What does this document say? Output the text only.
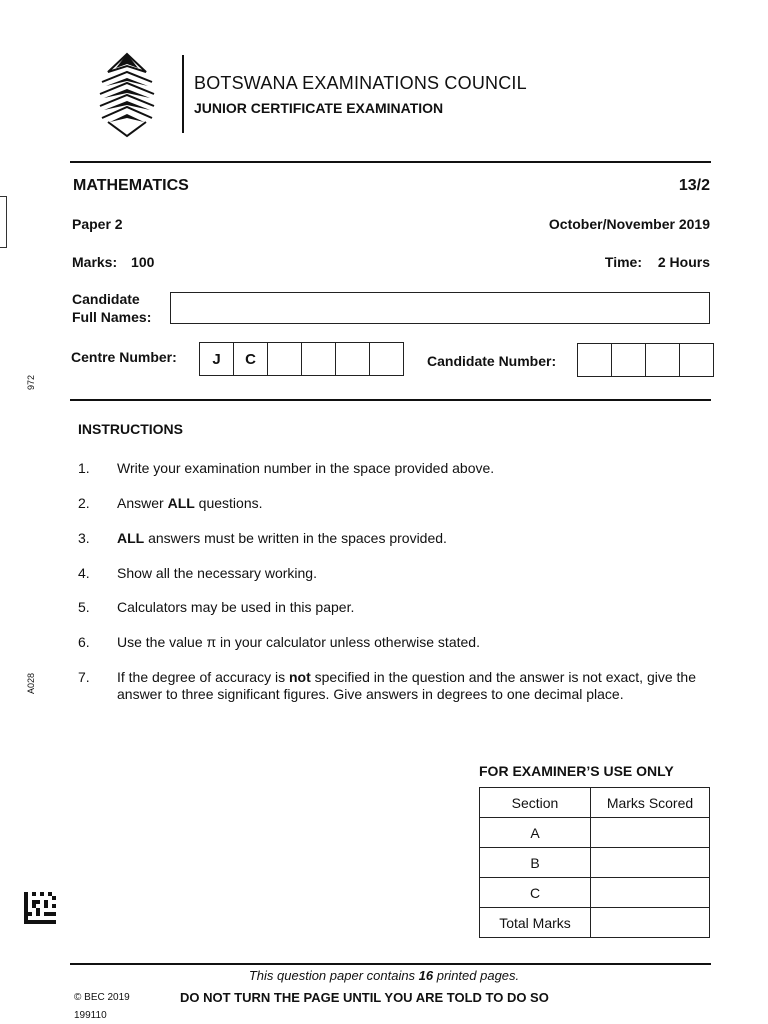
BOTSWANA EXAMINATIONS COUNCIL
JUNIOR CERTIFICATE EXAMINATION
MATHEMATICS	13/2
Paper 2	October/November 2019
Marks: 100	Time: 2 Hours
Candidate
Full Names:
Centre Number:	J	C	Candidate Number:
972
A028
INSTRUCTIONS
1. Write your examination number in the space provided above.
2. Answer ALL questions.
3. ALL answers must be written in the spaces provided.
4. Show all the necessary working.
5. Calculators may be used in this paper.
6. Use the value π in your calculator unless otherwise stated.
7. If the degree of accuracy is not specified in the question and the answer is not exact, give the answer to three significant figures. Give answers in degrees to one decimal place.
FOR EXAMINER’S USE ONLY
Section	Marks Scored
A	
B	
C	
Total Marks	
This question paper contains 16 printed pages.
© BEC 2019	DO NOT TURN THE PAGE UNTIL YOU ARE TOLD TO DO SO
199110
